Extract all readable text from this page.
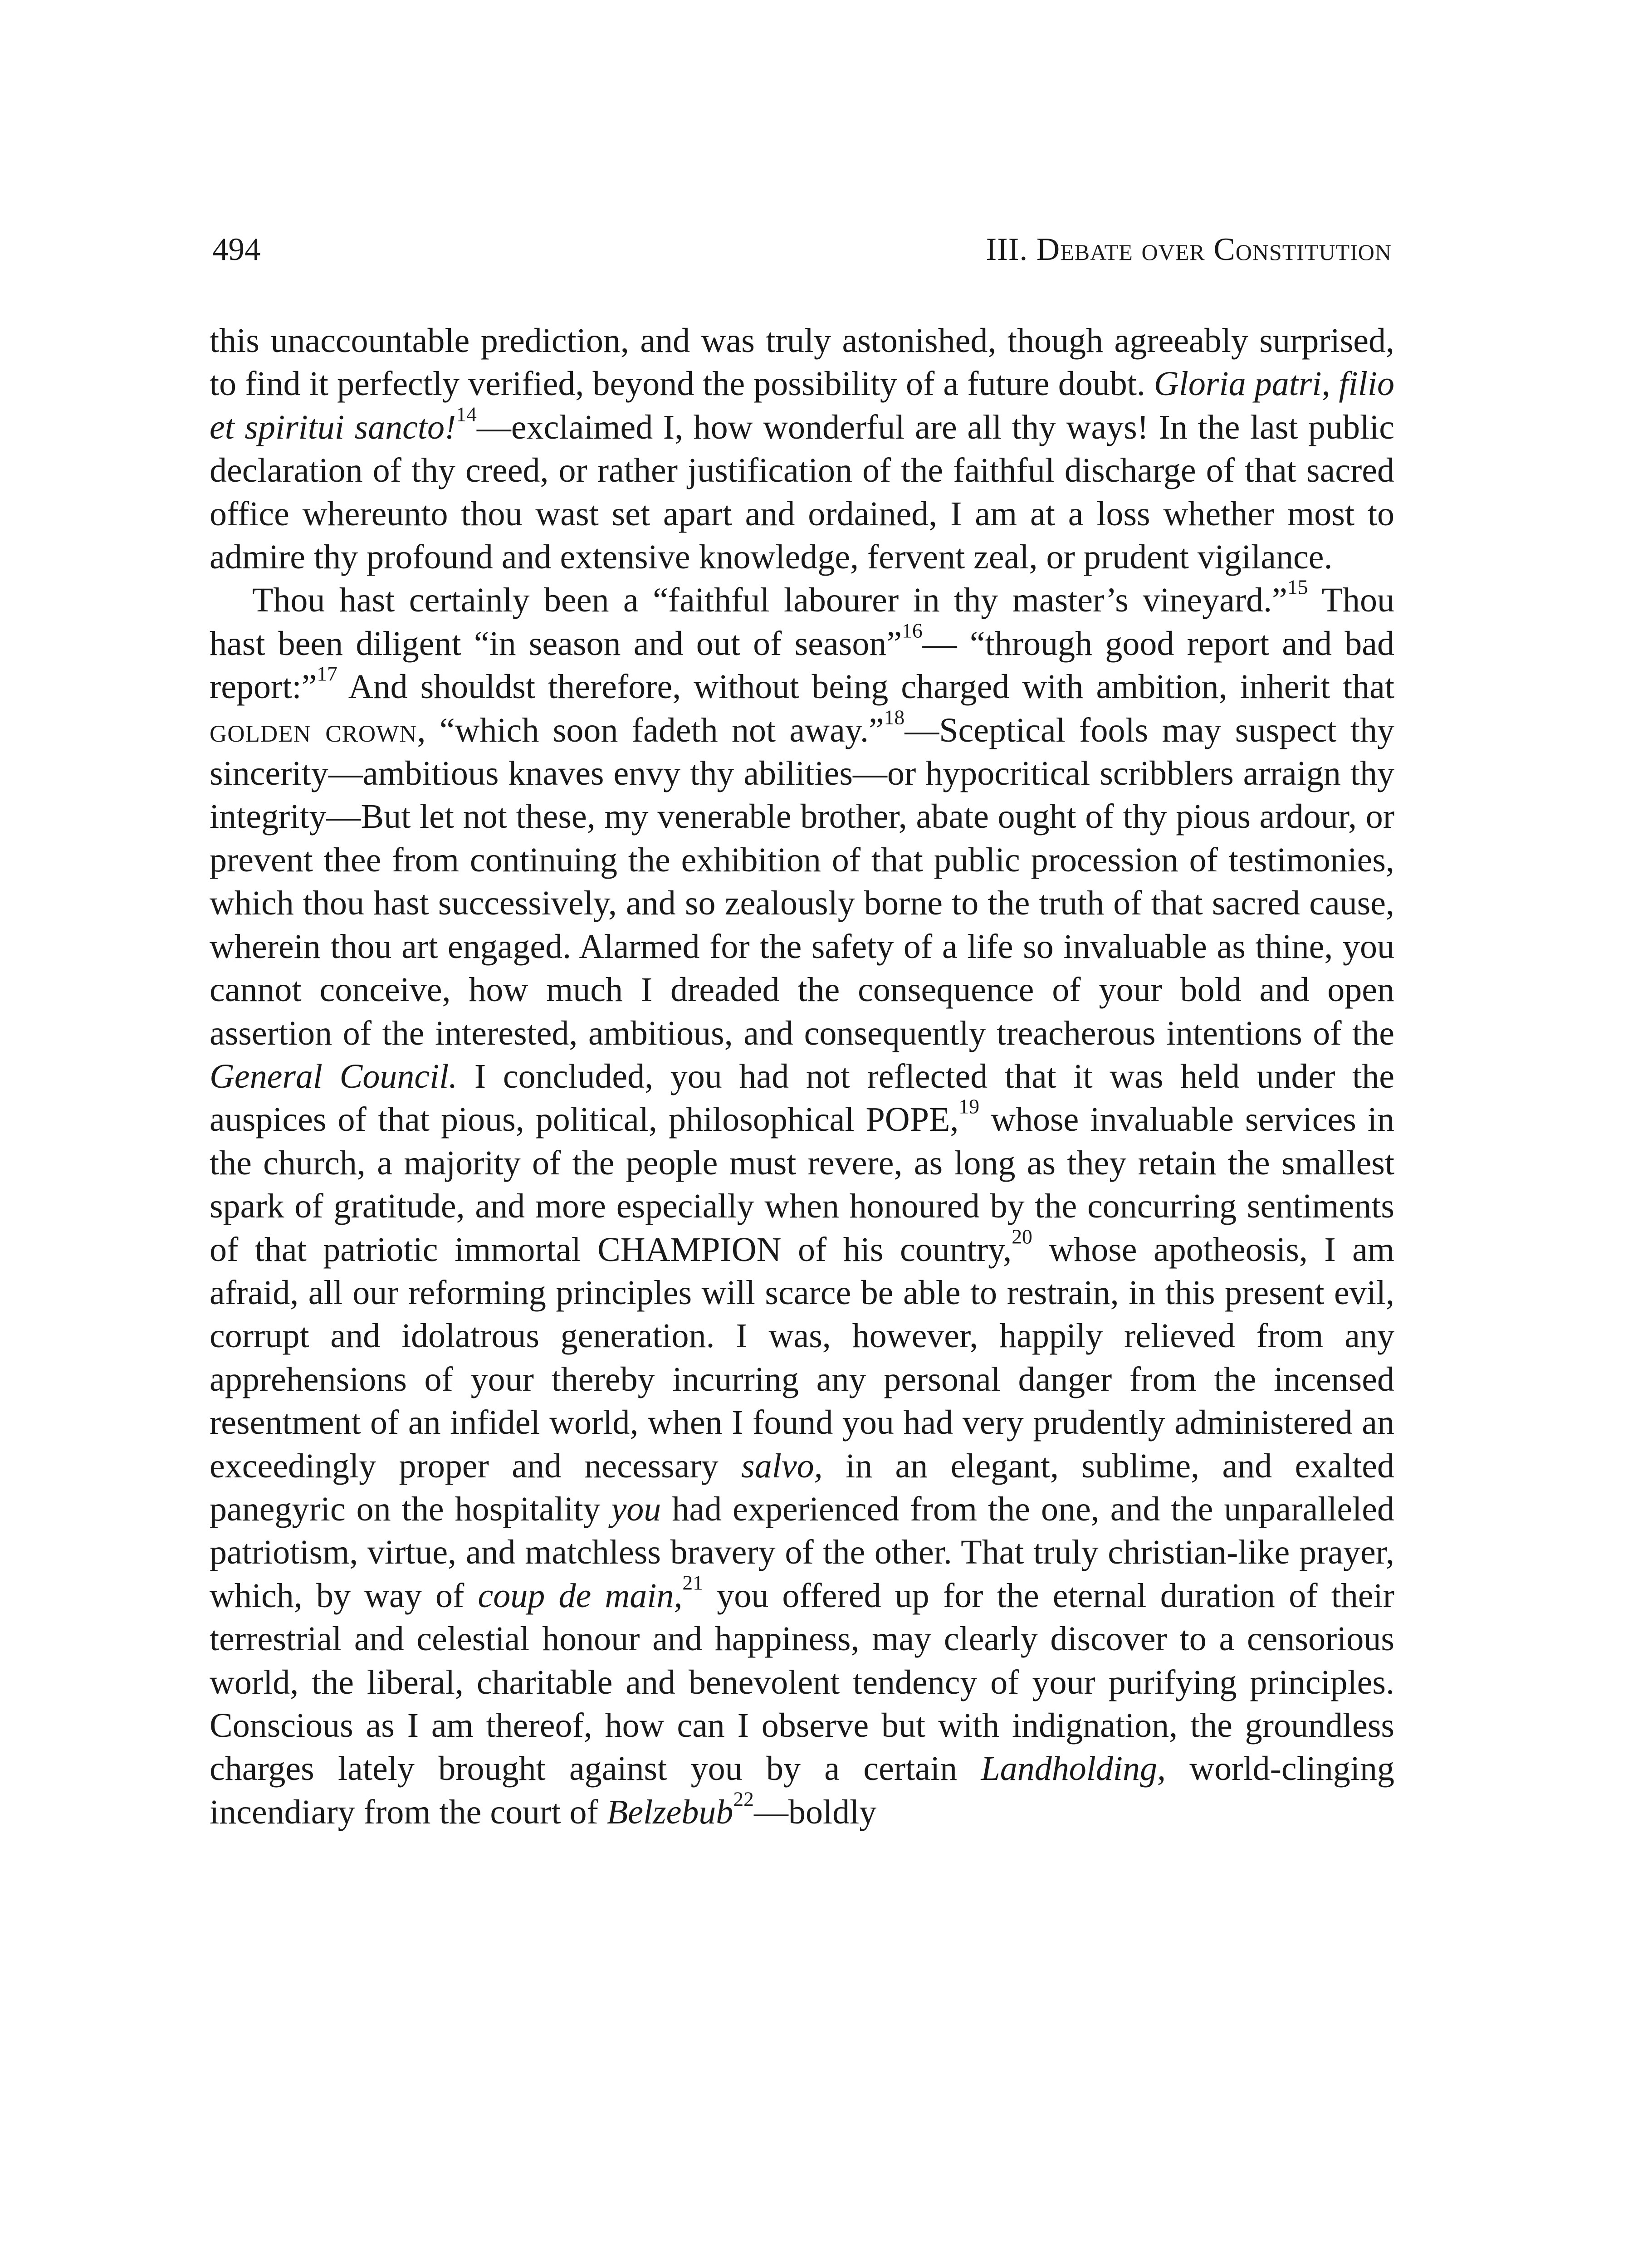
494	III. Debate over Constitution

this unaccountable prediction, and was truly astonished, though agreeably surprised, to find it perfectly verified, beyond the possibility of a future doubt. Gloria patri, filio et spiritui sancto!$^{14}$—exclaimed I, how wonderful are all thy ways! In the last public declaration of thy creed, or rather justification of the faithful discharge of that sacred office whereunto thou wast set apart and ordained, I am at a loss whether most to admire thy profound and extensive knowledge, fervent zeal, or prudent vigilance.

Thou hast certainly been a “faithful labourer in thy master’s vineyard.”$^{15}$ Thou hast been diligent “in season and out of season”$^{16}$— “through good report and bad report:”$^{17}$ And shouldst therefore, without being charged with ambition, inherit that golden crown, “which soon fadeth not away.”$^{18}$—Sceptical fools may suspect thy sincerity—ambitious knaves envy thy abilities—or hypocritical scribblers arraign thy integrity—But let not these, my venerable brother, abate ought of thy pious ardour, or prevent thee from continuing the exhibition of that public procession of testimonies, which thou hast successively, and so zealously borne to the truth of that sacred cause, wherein thou art engaged. Alarmed for the safety of a life so invaluable as thine, you cannot conceive, how much I dreaded the consequence of your bold and open assertion of the interested, ambitious, and consequently treacherous intentions of the General Council. I concluded, you had not reflected that it was held under the auspices of that pious, political, philosophical POPE,$^{19}$ whose invaluable services in the church, a majority of the people must revere, as long as they retain the smallest spark of gratitude, and more especially when honoured by the concurring sentiments of that patriotic immortal CHAMPION of his country,$^{20}$ whose apotheosis, I am afraid, all our reforming principles will scarce be able to restrain, in this present evil, corrupt and idolatrous generation. I was, however, happily relieved from any apprehensions of your thereby incurring any personal danger from the incensed resentment of an infidel world, when I found you had very prudently administered an exceedingly proper and necessary salvo, in an elegant, sublime, and exalted panegyric on the hospitality you had experienced from the one, and the unparalleled patriotism, virtue, and matchless bravery of the other. That truly christian-like prayer, which, by way of coup de main,$^{21}$ you offered up for the eternal duration of their terrestrial and celestial honour and happiness, may clearly discover to a censorious world, the liberal, charitable and benevolent tendency of your purifying principles. Conscious as I am thereof, how can I observe but with indignation, the groundless charges lately brought against you by a certain Landholding, world-clinging incendiary from the court of Belzebub$^{22}$—boldly
